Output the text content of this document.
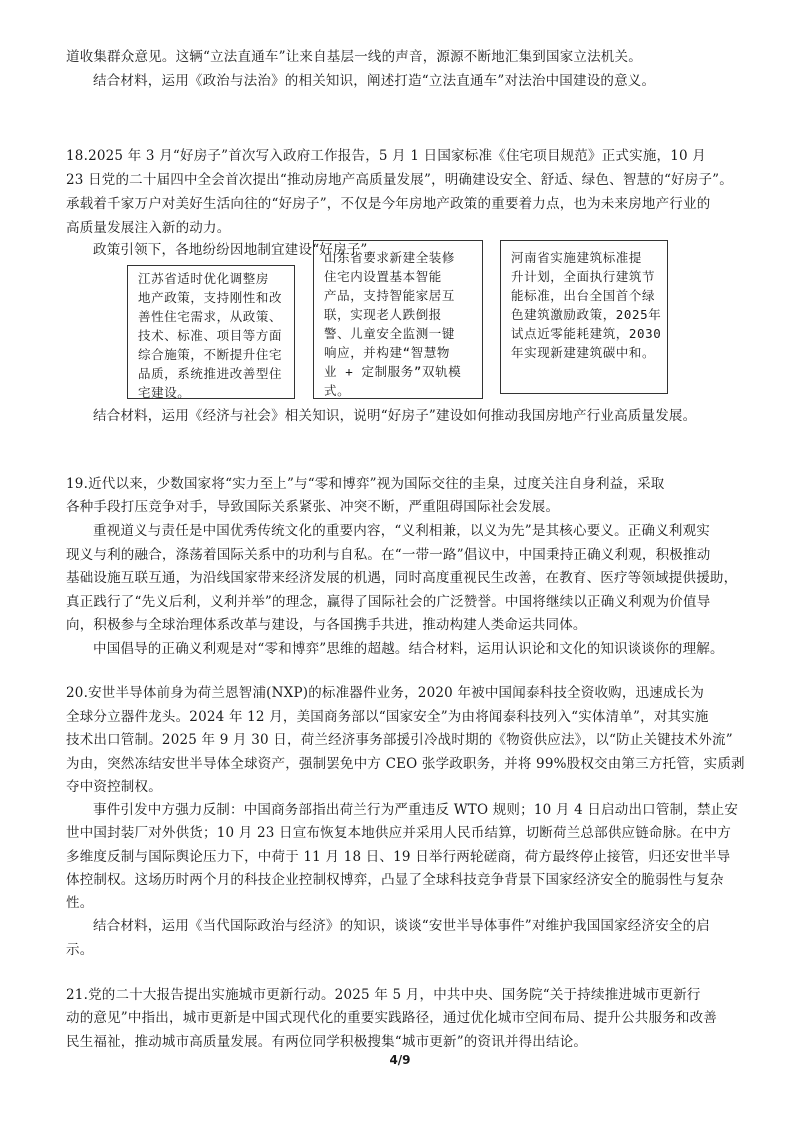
道收集群众意见。这辆“立法直通车”让来自基层一线的声音，源源不断地汇集到国家立法机关。
结合材料，运用《政治与法治》的相关知识，阐述打造“立法直通车”对法治中国建设的意义。
18.2025 年 3 月“好房子”首次写入政府工作报告，5 月 1 日国家标准《住宅项目规范》正式实施，10 月
23 日党的二十届四中全会首次提出“推动房地产高质量发展”，明确建设安全、舒适、绿色、智慧的“好房子”。
承载着千家万户对美好生活向往的“好房子”，不仅是今年房地产政策的重要着力点，也为未来房地产行业的
高质量发展注入新的动力。
政策引领下，各地纷纷因地制宜建设“好房子”。
江苏省适时优化调整房
地产政策，支持刚性和改
善性住宅需求，从政策、
技术、标准、项目等方面
综合施策，不断提升住宅
品质，系统推进改善型住
宅建设。
山东省要求新建全装修
住宅内设置基本智能
产品，支持智能家居互
联，实现老人跌倒报
警、儿童安全监测一键
响应，并构建“智慧物
业 + 定制服务”双轨模
式。
河南省实施建筑标准提
升计划，全面执行建筑节
能标准，出台全国首个绿
色建筑激励政策，2025年
试点近零能耗建筑，2030
年实现新建建筑碳中和。
结合材料，运用《经济与社会》相关知识，说明“好房子”建设如何推动我国房地产行业高质量发展。
19.近代以来，少数国家将“实力至上”与“零和博弈”视为国际交往的圭臬，过度关注自身利益，采取
各种手段打压竞争对手，导致国际关系紧张、冲突不断，严重阻碍国际社会发展。
重视道义与责任是中国优秀传统文化的重要内容，“义利相兼，以义为先”是其核心要义。正确义利观实
现义与利的融合，涤荡着国际关系中的功利与自私。在“一带一路”倡议中，中国秉持正确义利观，积极推动
基础设施互联互通，为沿线国家带来经济发展的机遇，同时高度重视民生改善，在教育、医疗等领域提供援助，
真正践行了“先义后利，义利并举”的理念，赢得了国际社会的广泛赞誉。中国将继续以正确义利观为价值导
向，积极参与全球治理体系改革与建设，与各国携手共进，推动构建人类命运共同体。
中国倡导的正确义利观是对“零和博弈”思维的超越。结合材料，运用认识论和文化的知识谈谈你的理解。
20.安世半导体前身为荷兰恩智浦(NXP)的标准器件业务，2020 年被中国闻泰科技全资收购，迅速成长为
全球分立器件龙头。2024 年 12 月，美国商务部以“国家安全”为由将闻泰科技列入“实体清单”，对其实施
技术出口管制。2025 年 9 月 30 日，荷兰经济事务部援引冷战时期的《物资供应法》，以“防止关键技术外流”
为由，突然冻结安世半导体全球资产，强制罢免中方 CEO 张学政职务，并将 99%股权交由第三方托管，实质剥
夺中资控制权。
事件引发中方强力反制：中国商务部指出荷兰行为严重违反 WTO 规则；10 月 4 日启动出口管制，禁止安
世中国封装厂对外供货；10 月 23 日宣布恢复本地供应并采用人民币结算，切断荷兰总部供应链命脉。在中方
多维度反制与国际舆论压力下，中荷于 11 月 18 日、19 日举行两轮磋商，荷方最终停止接管，归还安世半导
体控制权。这场历时两个月的科技企业控制权博弈，凸显了全球科技竞争背景下国家经济安全的脆弱性与复杂
性。
结合材料，运用《当代国际政治与经济》的知识，谈谈“安世半导体事件”对维护我国国家经济安全的启
示。
21.党的二十大报告提出实施城市更新行动。2025 年 5 月，中共中央、国务院“关于持续推进城市更新行
动的意见”中指出，城市更新是中国式现代化的重要实践路径，通过优化城市空间布局、提升公共服务和改善
民生福祉，推动城市高质量发展。有两位同学积极搜集“城市更新”的资讯并得出结论。
4/9
